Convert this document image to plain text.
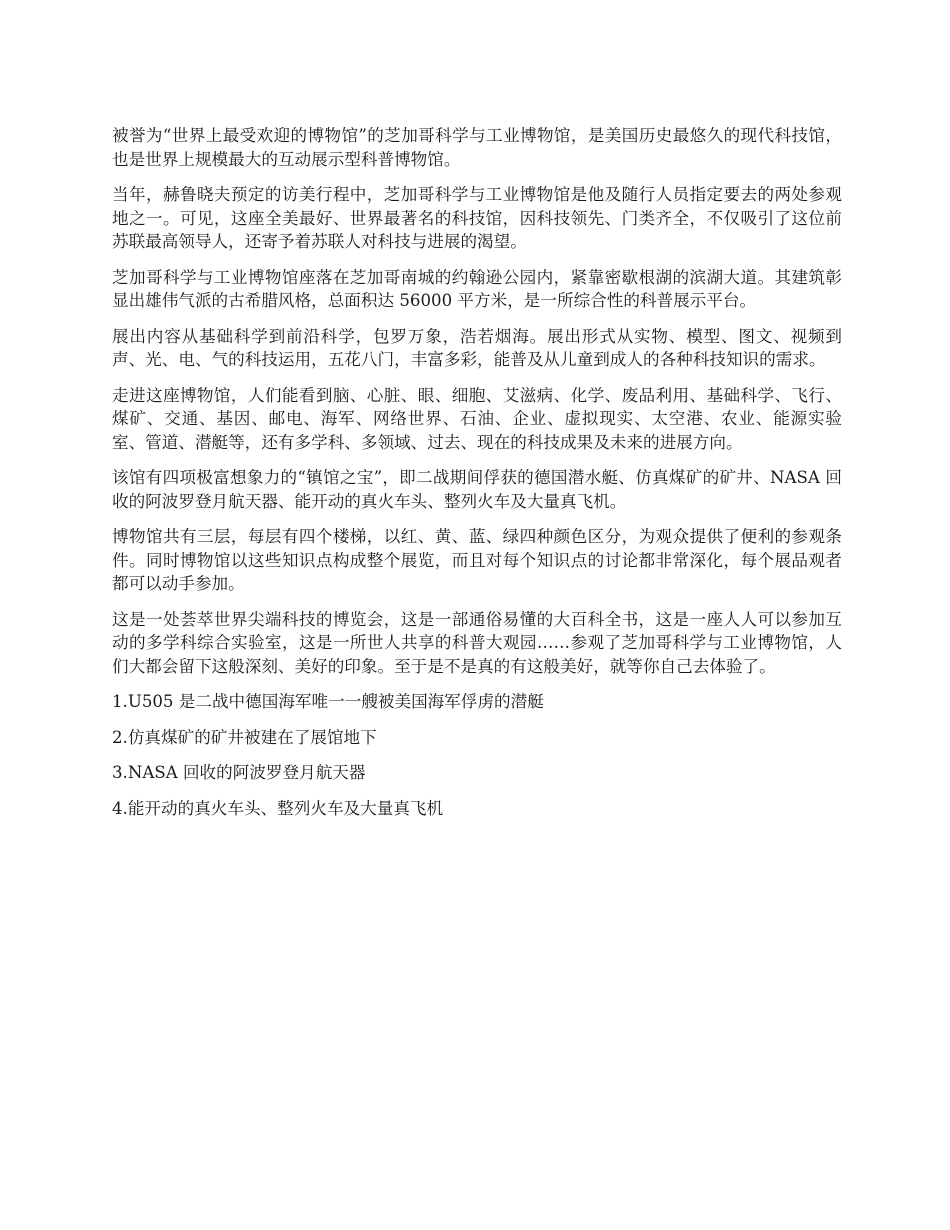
被誉为“世界上最受欢迎的博物馆”的芝加哥科学与工业博物馆，是美国历史最悠久的现代科技馆，也是世界上规模最大的互动展示型科普博物馆。

当年，赫鲁晓夫预定的访美行程中，芝加哥科学与工业博物馆是他及随行人员指定要去的两处参观地之一。可见，这座全美最好、世界最著名的科技馆，因科技领先、门类齐全，不仅吸引了这位前苏联最高领导人，还寄予着苏联人对科技与进展的渴望。

芝加哥科学与工业博物馆座落在芝加哥南城的约翰逊公园内，紧靠密歇根湖的滨湖大道。其建筑彰显出雄伟气派的古希腊风格，总面积达 56000 平方米，是一所综合性的科普展示平台。

展出内容从基础科学到前沿科学，包罗万象，浩若烟海。展出形式从实物、模型、图文、视频到声、光、电、气的科技运用，五花八门，丰富多彩，能普及从儿童到成人的各种科技知识的需求。

走进这座博物馆，人们能看到脑、心脏、眼、细胞、艾滋病、化学、废品利用、基础科学、飞行、煤矿、交通、基因、邮电、海军、网络世界、石油、企业、虚拟现实、太空港、农业、能源实验室、管道、潜艇等，还有多学科、多领域、过去、现在的科技成果及未来的进展方向。

该馆有四项极富想象力的“镇馆之宝”，即二战期间俘获的德国潜水艇、仿真煤矿的矿井、NASA 回收的阿波罗登月航天器、能开动的真火车头、整列火车及大量真飞机。

博物馆共有三层，每层有四个楼梯，以红、黄、蓝、绿四种颜色区分，为观众提供了便利的参观条件。同时博物馆以这些知识点构成整个展览，而且对每个知识点的讨论都非常深化，每个展品观者都可以动手参加。

这是一处荟萃世界尖端科技的博览会，这是一部通俗易懂的大百科全书，这是一座人人可以参加互动的多学科综合实验室，这是一所世人共享的科普大观园……参观了芝加哥科学与工业博物馆，人们大都会留下这般深刻、美好的印象。至于是不是真的有这般美好，就等你自己去体验了。

1.U505 是二战中德国海军唯一一艘被美国海军俘虏的潜艇

2.仿真煤矿的矿井被建在了展馆地下

3.NASA 回收的阿波罗登月航天器

4.能开动的真火车头、整列火车及大量真飞机
